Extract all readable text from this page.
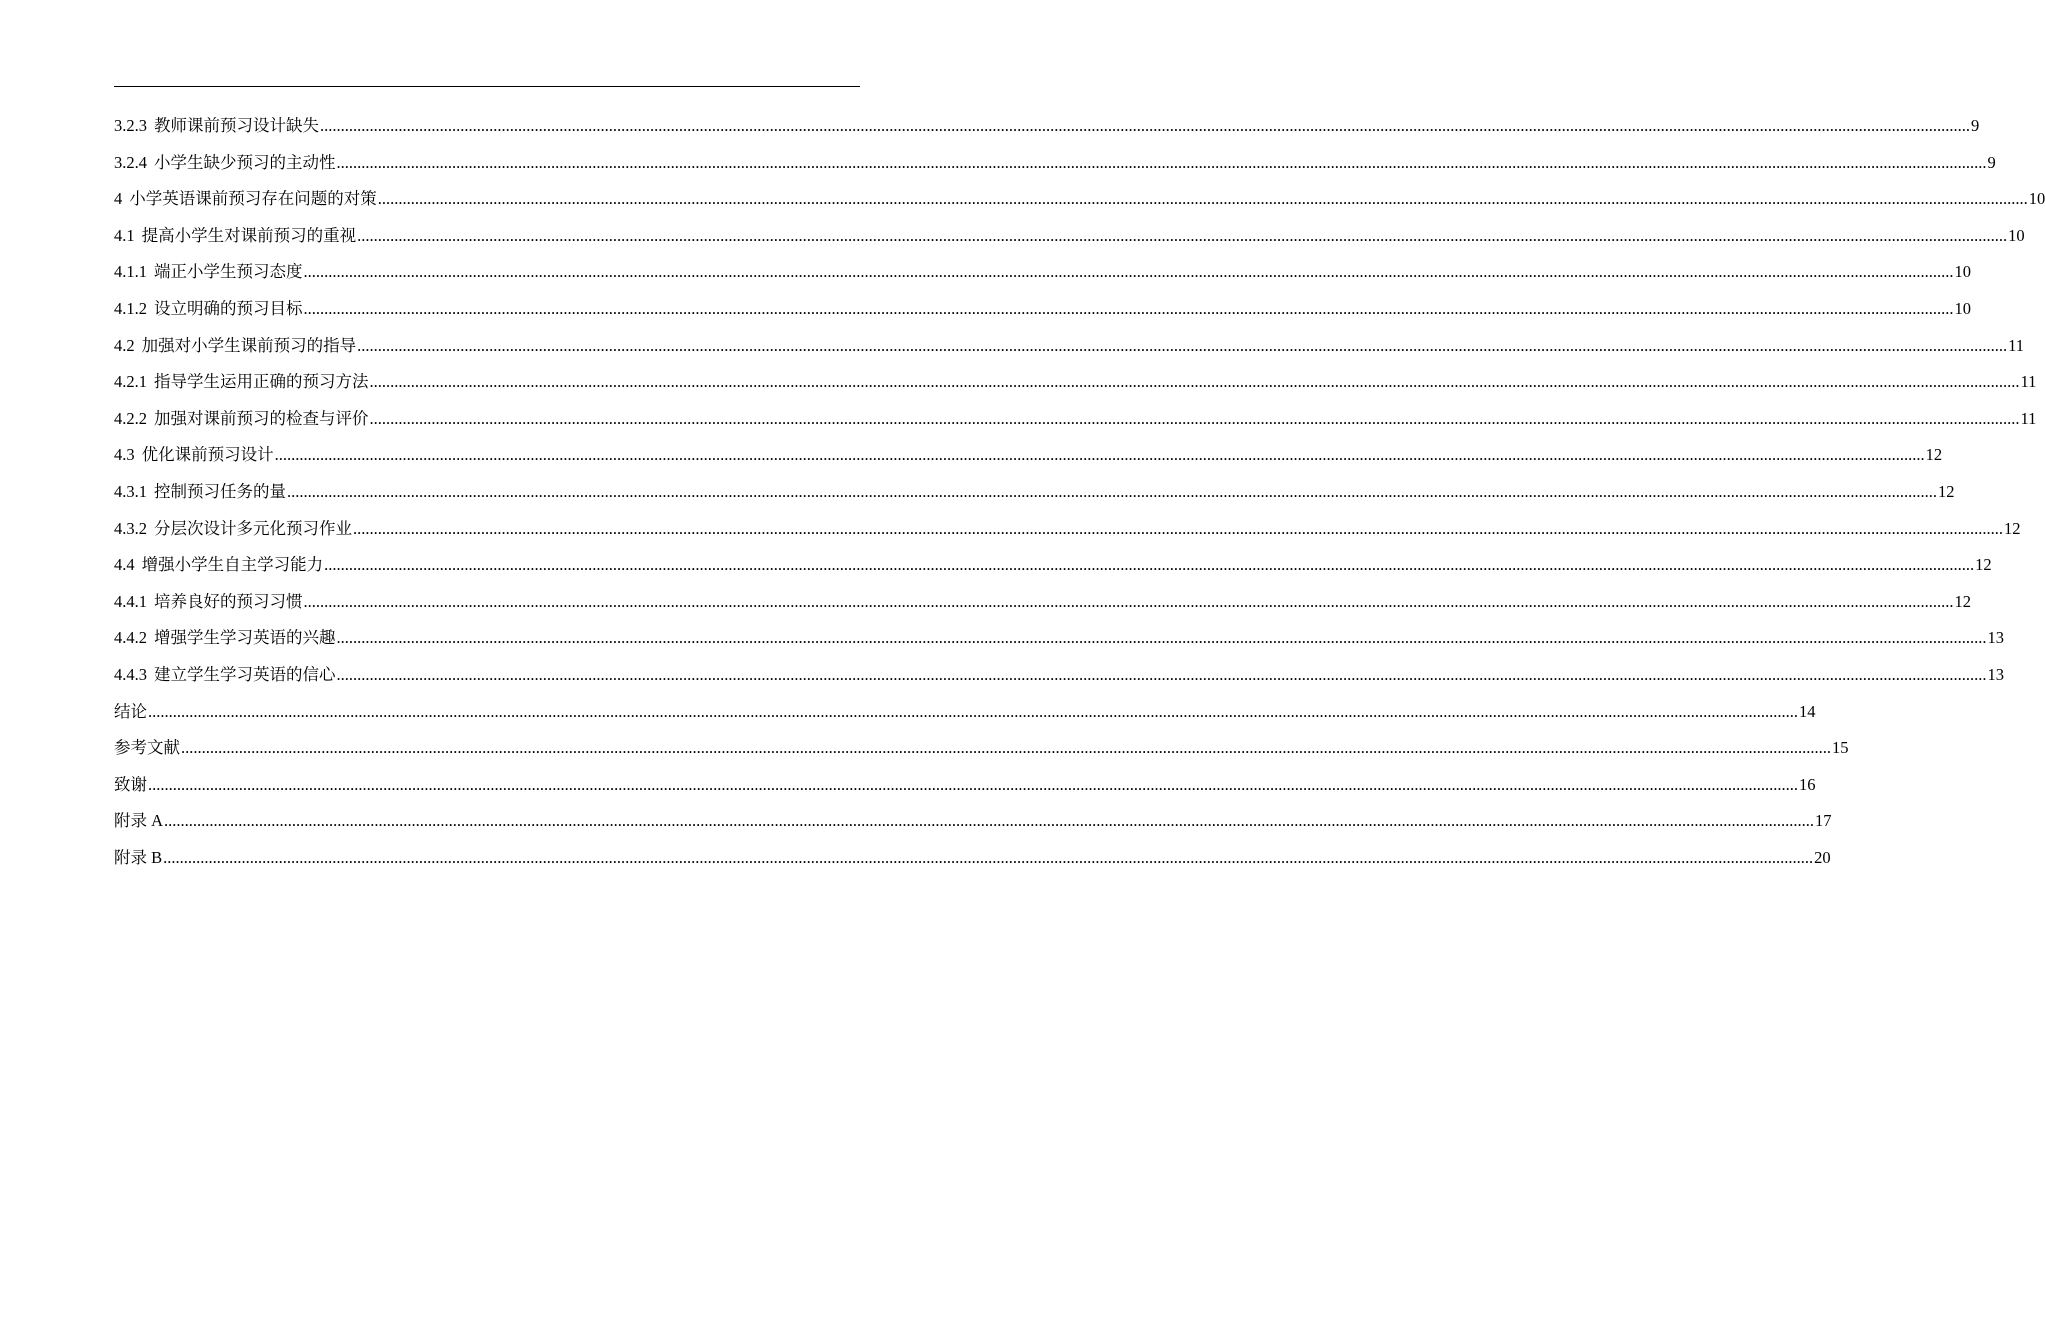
3.2.3 教师课前预习设计缺失 ................................................................................................................................................................................................................................................................................................................................................................................................................ 9
3.2.4 小学生缺少预习的主动性 ................................................................................................................................................................................................................................................................................................................................................................................................................ 9
4 小学英语课前预习存在问题的对策 ................................................................................................................................................................................................................................................................................................................................................................................................................ 10
4.1 提高小学生对课前预习的重视 ................................................................................................................................................................................................................................................................................................................................................................................................................ 10
4.1.1 端正小学生预习态度 ................................................................................................................................................................................................................................................................................................................................................................................................................ 10
4.1.2 设立明确的预习目标 ................................................................................................................................................................................................................................................................................................................................................................................................................ 10
4.2 加强对小学生课前预习的指导 ................................................................................................................................................................................................................................................................................................................................................................................................................ 11
4.2.1 指导学生运用正确的预习方法 ................................................................................................................................................................................................................................................................................................................................................................................................................ 11
4.2.2 加强对课前预习的检查与评价 ................................................................................................................................................................................................................................................................................................................................................................................................................ 11
4.3 优化课前预习设计 ................................................................................................................................................................................................................................................................................................................................................................................................................ 12
4.3.1 控制预习任务的量 ................................................................................................................................................................................................................................................................................................................................................................................................................ 12
4.3.2 分层次设计多元化预习作业 ................................................................................................................................................................................................................................................................................................................................................................................................................ 12
4.4 增强小学生自主学习能力 ................................................................................................................................................................................................................................................................................................................................................................................................................ 12
4.4.1 培养良好的预习习惯 ................................................................................................................................................................................................................................................................................................................................................................................................................ 12
4.4.2 增强学生学习英语的兴趣 ................................................................................................................................................................................................................................................................................................................................................................................................................ 13
4.4.3 建立学生学习英语的信心 ................................................................................................................................................................................................................................................................................................................................................................................................................ 13
结论 ................................................................................................................................................................................................................................................................................................................................................................................................................ 14
参考文献 ................................................................................................................................................................................................................................................................................................................................................................................................................ 15
致谢 ................................................................................................................................................................................................................................................................................................................................................................................................................ 16
附录 A ................................................................................................................................................................................................................................................................................................................................................................................................................ 17
附录 B ................................................................................................................................................................................................................................................................................................................................................................................................................ 20
